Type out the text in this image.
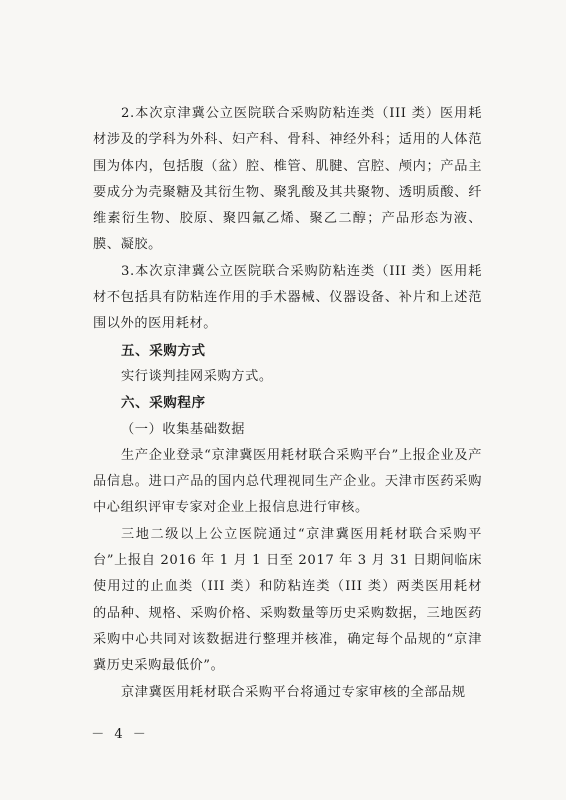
2.本次京津冀公立医院联合采购防粘连类（III 类）医用耗材涉及的学科为外科、妇产科、骨科、神经外科；适用的人体范围为体内，包括腹（盆）腔、椎管、肌腱、宫腔、颅内；产品主要成分为壳聚糖及其衍生物、聚乳酸及其共聚物、透明质酸、纤维素衍生物、胶原、聚四氟乙烯、聚乙二醇；产品形态为液、膜、凝胶。

3.本次京津冀公立医院联合采购防粘连类（III 类）医用耗材不包括具有防粘连作用的手术器械、仪器设备、补片和上述范围以外的医用耗材。

五、采购方式

实行谈判挂网采购方式。

六、采购程序

（一）收集基础数据

生产企业登录“京津冀医用耗材联合采购平台”上报企业及产品信息。进口产品的国内总代理视同生产企业。天津市医药采购中心组织评审专家对企业上报信息进行审核。

三地二级以上公立医院通过“京津冀医用耗材联合采购平台”上报自 2016 年 1 月 1 日至 2017 年 3 月 31 日期间临床使用过的止血类（III 类）和防粘连类（III 类）两类医用耗材的品种、规格、采购价格、采购数量等历史采购数据，三地医药采购中心共同对该数据进行整理并核准，确定每个品规的“京津冀历史采购最低价”。

京津冀医用耗材联合采购平台将通过专家审核的全部品规

－ 4 －
